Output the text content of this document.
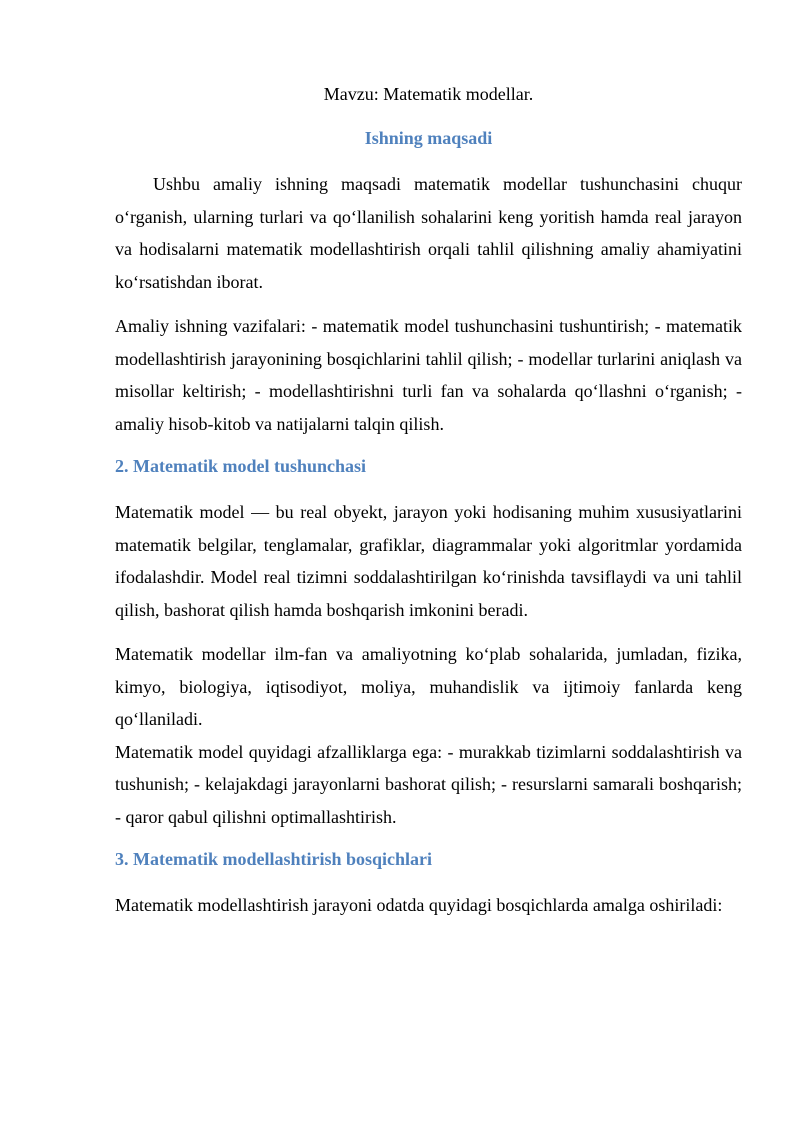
Mavzu: Matematik modellar.
Ishning maqsadi

Ushbu amaliy ishning maqsadi matematik modellar tushunchasini chuqur o‘rganish, ularning turlari va qo‘llanilish sohalarini keng yoritish hamda real jarayon va hodisalarni matematik modellashtirish orqali tahlil qilishning amaliy ahamiyatini ko‘rsatishdan iborat.

Amaliy ishning vazifalari: - matematik model tushunchasini tushuntirish; - matematik modellashtirish jarayonining bosqichlarini tahlil qilish; - modellar turlarini aniqlash va misollar keltirish; - modellashtirishni turli fan va sohalarda qo‘llashni o‘rganish; - amaliy hisob-kitob va natijalarni talqin qilish.

2. Matematik model tushunchasi

Matematik model — bu real obyekt, jarayon yoki hodisaning muhim xususiyatlarini matematik belgilar, tenglamalar, grafiklar, diagrammalar yoki algoritmlar yordamida ifodalashdir. Model real tizimni soddalashtirilgan ko‘rinishda tavsiflaydi va uni tahlil qilish, bashorat qilish hamda boshqarish imkonini beradi.

Matematik modellar ilm-fan va amaliyotning ko‘plab sohalarida, jumladan, fizika, kimyo, biologiya, iqtisodiyot, moliya, muhandislik va ijtimoiy fanlarda keng qo‘llaniladi.

Matematik model quyidagi afzalliklarga ega: - murakkab tizimlarni soddalashtirish va tushunish; - kelajakdagi jarayonlarni bashorat qilish; - resurslarni samarali boshqarish; - qaror qabul qilishni optimallashtirish.

3. Matematik modellashtirish bosqichlari

Matematik modellashtirish jarayoni odatda quyidagi bosqichlarda amalga oshiriladi:
